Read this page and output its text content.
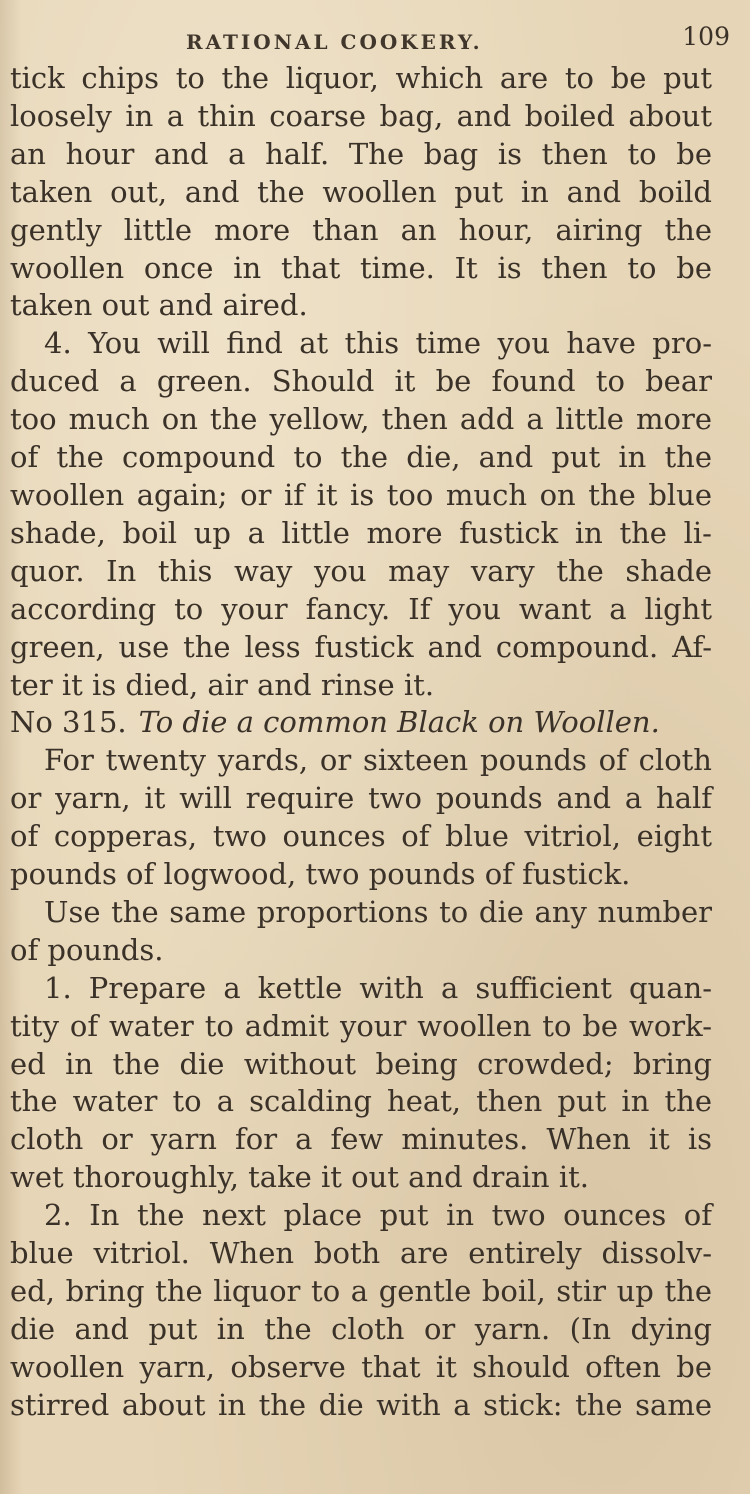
RATIONAL COOKERY.	109
tick chips to the liquor, which are to be put
loosely in a thin coarse bag, and boiled about
an hour and a half. The bag is then to be
taken out, and the woollen put in and boild
gently little more than an hour, airing the
woollen once in that time. It is then to be
taken out and aired.
4. You will find at this time you have pro-
duced a green. Should it be found to bear
too much on the yellow, then add a little more
of the compound to the die, and put in the
woollen again; or if it is too much on the blue
shade, boil up a little more fustick in the li-
quor. In this way you may vary the shade
according to your fancy. If you want a light
green, use the less fustick and compound. Af-
ter it is died, air and rinse it.
No 315. To die a common Black on Woollen.
For twenty yards, or sixteen pounds of cloth
or yarn, it will require two pounds and a half
of copperas, two ounces of blue vitriol, eight
pounds of logwood, two pounds of fustick.
Use the same proportions to die any number
of pounds.
1. Prepare a kettle with a sufficient quan-
tity of water to admit your woollen to be work-
ed in the die without being crowded; bring
the water to a scalding heat, then put in the
cloth or yarn for a few minutes. When it is
wet thoroughly, take it out and drain it.
2. In the next place put in two ounces of
blue vitriol. When both are entirely dissolv-
ed, bring the liquor to a gentle boil, stir up the
die and put in the cloth or yarn. (In dying
woollen yarn, observe that it should often be
stirred about in the die with a stick: the same
